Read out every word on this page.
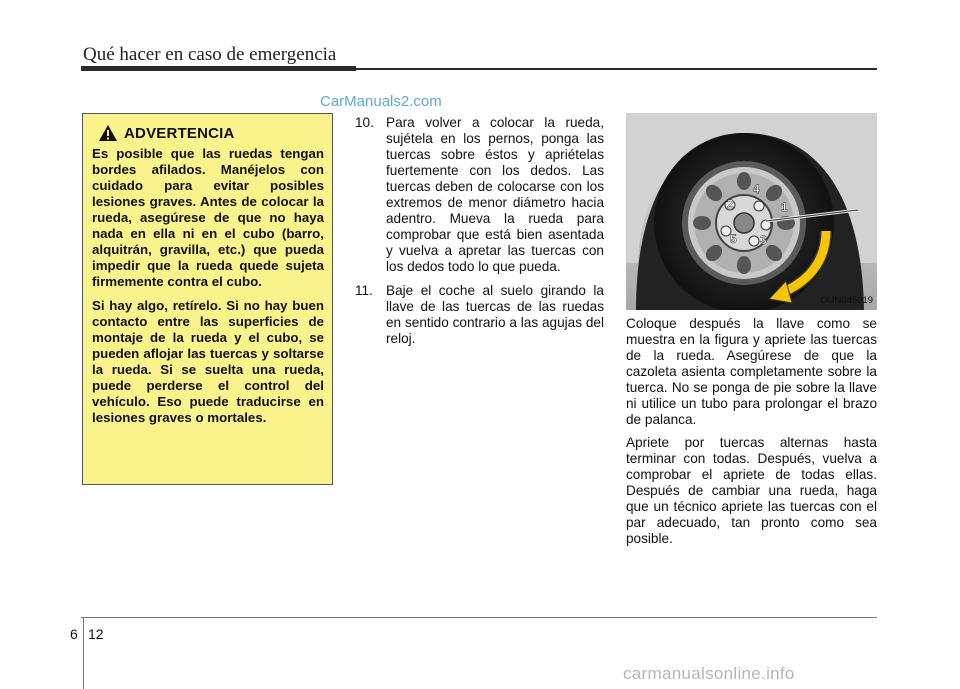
Qué hacer en caso de emergencia
CarManuals2.com
ADVERTENCIA

Es posible que las ruedas tengan bordes afilados. Manéjelos con cuidado para evitar posibles lesiones graves. Antes de colocar la rueda, asegúrese de que no haya nada en ella ni en el cubo (barro, alquitrán, gravilla, etc.) que pueda impedir que la rueda quede sujeta firmemente contra el cubo.

Si hay algo, retírelo. Si no hay buen contacto entre las superficies de montaje de la rueda y el cubo, se pueden aflojar las tuercas y soltarse la rueda. Si se suelta una rueda, puede perderse el control del vehículo. Eso puede traducirse en lesiones graves o mortales.

10. Para volver a colocar la rueda, sujétela en los pernos, ponga las tuercas sobre éstos y apriételas fuertemente con los dedos. Las tuercas deben de colocarse con los extremos de menor diámetro hacia adentro. Mueva la rueda para comprobar que está bien asentada y vuelva a apretar las tuercas con los dedos todo lo que pueda.
11. Baje el coche al suelo girando la llave de las tuercas de las ruedas en sentido contrario a las agujas del reloj.
1
2
3
4
5
OUN046019

Coloque después la llave como se muestra en la figura y apriete las tuercas de la rueda. Asegúrese de que la cazoleta asienta completamente sobre la tuerca. No se ponga de pie sobre la llave ni utilice un tubo para prolongar el brazo de palanca.

Apriete por tuercas alternas hasta terminar con todas. Después, vuelva a comprobar el apriete de todas ellas. Después de cambiar una rueda, haga que un técnico apriete las tuercas con el par adecuado, tan pronto como sea posible.

6 12
carmanualsonline.info
